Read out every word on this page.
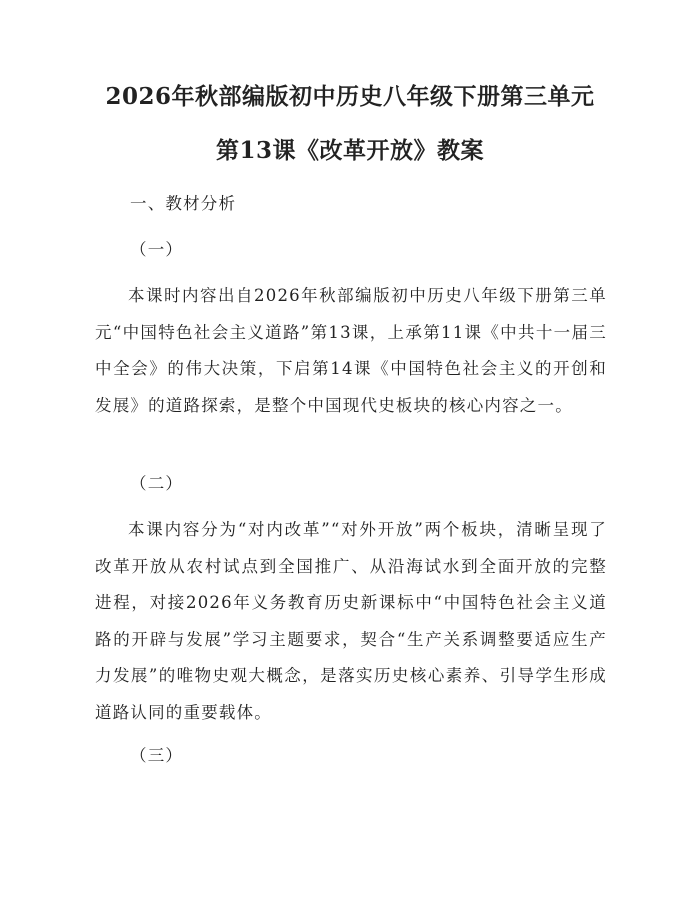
2026年秋部编版初中历史八年级下册第三单元第13课《改革开放》教案

一、教材分析

（一）

本课时内容出自2026年秋部编版初中历史八年级下册第三单元“中国特色社会主义道路”第13课，上承第11课《中共十一届三中全会》的伟大决策，下启第14课《中国特色社会主义的开创和发展》的道路探索，是整个中国现代史板块的核心内容之一。

（二）

本课内容分为“对内改革”“对外开放”两个板块，清晰呈现了改革开放从农村试点到全国推广、从沿海试水到全面开放的完整进程，对接2026年义务教育历史新课标中“中国特色社会主义道路的开辟与发展”学习主题要求，契合“生产关系调整要适应生产力发展”的唯物史观大概念，是落实历史核心素养、引导学生形成道路认同的重要载体。

（三）
